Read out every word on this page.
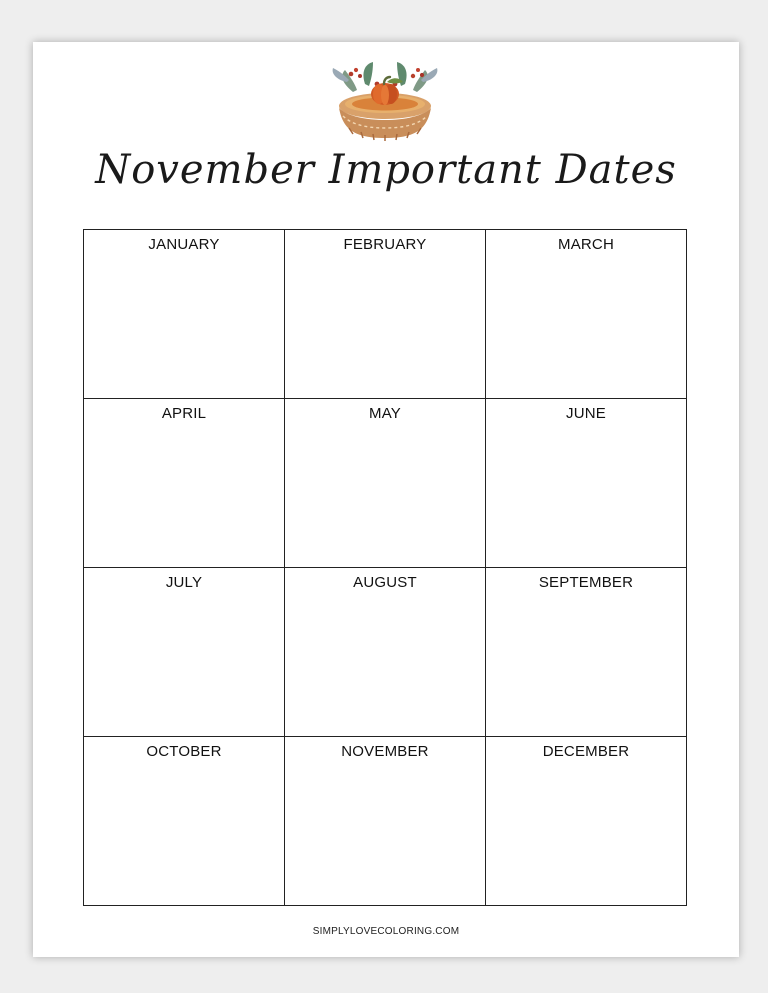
November Important Dates
JANUARY	FEBRUARY	MARCH
APRIL	MAY	JUNE
JULY	AUGUST	SEPTEMBER
OCTOBER	NOVEMBER	DECEMBER
SIMPLYLOVECOLORING.COM
